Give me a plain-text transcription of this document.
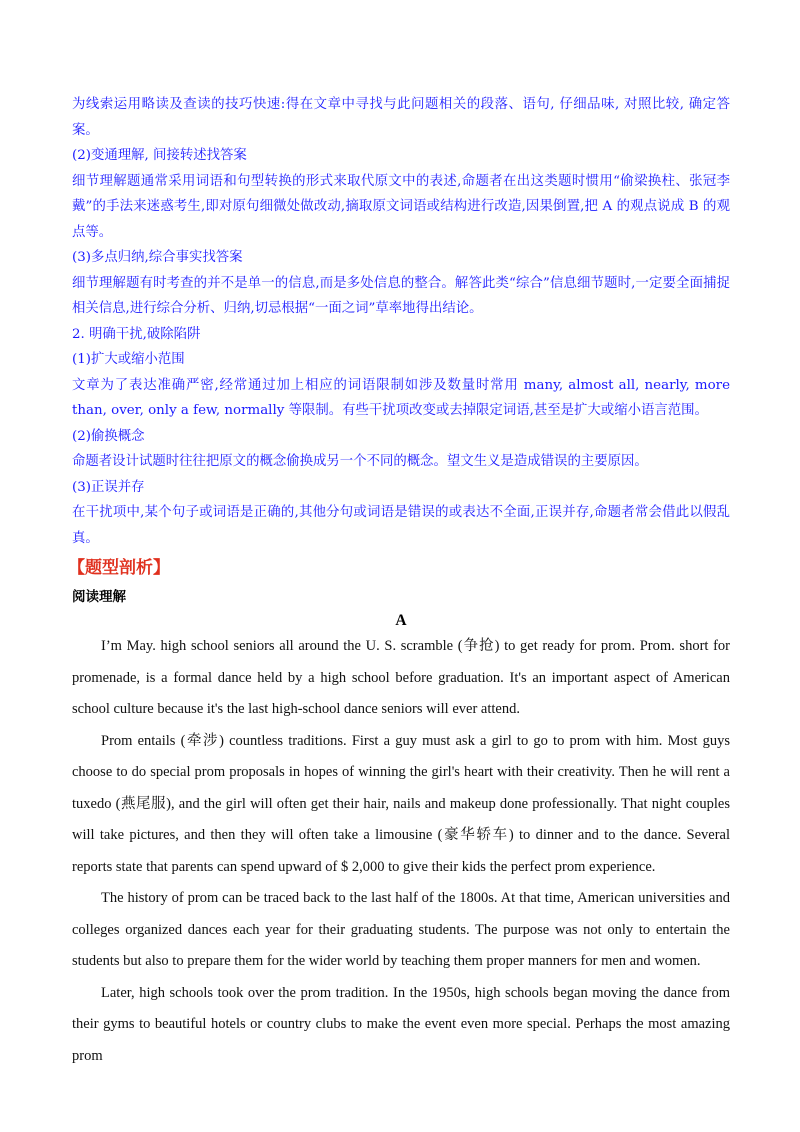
为线索运用略读及查读的技巧快速:得在文章中寻找与此问题相关的段落、语句, 仔细品味, 对照比较, 确定答案。

(2)变通理解, 间接转述找答案

细节理解题通常采用词语和句型转换的形式来取代原文中的表述,命题者在出这类题时惯用“偷梁换柱、张冠李戴”的手法来迷惑考生,即对原句细微处做改动,摘取原文词语或结构进行改造,因果倒置,把 A 的观点说成 B 的观点等。

(3)多点归纳,综合事实找答案

细节理解题有时考查的并不是单一的信息,而是多处信息的整合。解答此类“综合”信息细节题时,一定要全面捕捉相关信息,进行综合分析、归纳,切忌根据“一面之词”草率地得出结论。

2. 明确干扰,破除陷阱

(1)扩大或缩小范围

文章为了表达准确严密,经常通过加上相应的词语限制如涉及数量时常用 many, almost all, nearly, more than, over, only a few, normally 等限制。有些干扰项改变或去掉限定词语,甚至是扩大或缩小语言范围。

(2)偷换概念

命题者设计试题时往往把原文的概念偷换成另一个不同的概念。望文生义是造成错误的主要原因。

(3)正误并存

在干扰项中,某个句子或词语是正确的,其他分句或词语是错误的或表达不全面,正误并存,命题者常会借此以假乱真。

【题型剖析】
阅读理解
A

I’m May. high school seniors all around the U. S. scramble (争抢) to get ready for prom. Prom. short for promenade, is a formal dance held by a high school before graduation. It's an important aspect of American school culture because it's the last high-school dance seniors will ever attend.

Prom entails (牵涉) countless traditions. First a guy must ask a girl to go to prom with him. Most guys choose to do special prom proposals in hopes of winning the girl's heart with their creativity. Then he will rent a tuxedo (燕尾服), and the girl will often get their hair, nails and makeup done professionally. That night couples will take pictures, and then they will often take a limousine (豪华轿车) to dinner and to the dance. Several reports state that parents can spend upward of $ 2,000 to give their kids the perfect prom experience.

The history of prom can be traced back to the last half of the 1800s. At that time, American universities and colleges organized dances each year for their graduating students. The purpose was not only to entertain the students but also to prepare them for the wider world by teaching them proper manners for men and women.

Later, high schools took over the prom tradition. In the 1950s, high schools began moving the dance from their gyms to beautiful hotels or country clubs to make the event even more special. Perhaps the most amazing prom
